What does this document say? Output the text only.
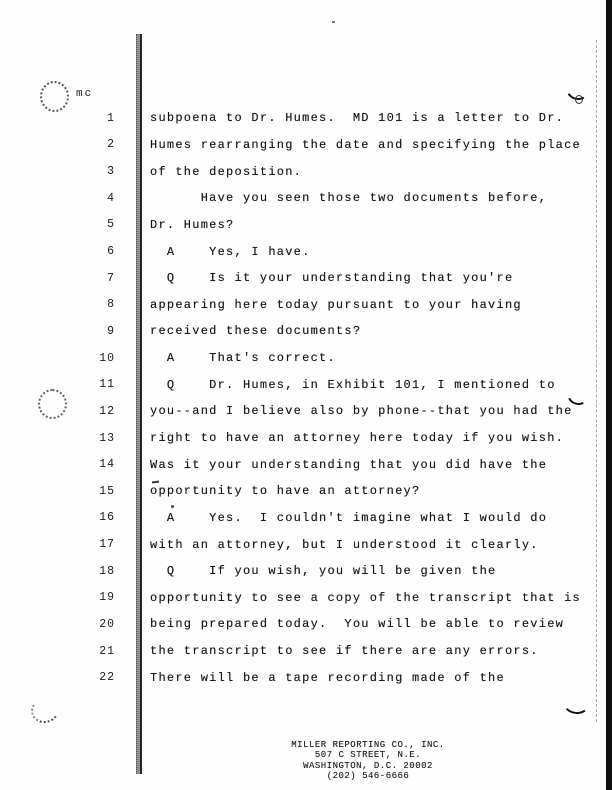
mc
1	subpoena to Dr. Humes.  MD 101 is a letter to Dr.
2	Humes rearranging the date and specifying the place
3	of the deposition.
4	Have you seen those two documents before,
5	Dr. Humes?
6	A    Yes, I have.
7	Q    Is it your understanding that you're
8	appearing here today pursuant to your having
9	received these documents?
10	A    That's correct.
11	Q    Dr. Humes, in Exhibit 101, I mentioned to
12	you--and I believe also by phone--that you had the
13	right to have an attorney here today if you wish.
14	Was it your understanding that you did have the
15	opportunity to have an attorney?
16	A    Yes.  I couldn't imagine what I would do
17	with an attorney, but I understood it clearly.
18	Q    If you wish, you will be given the
19	opportunity to see a copy of the transcript that is
20	being prepared today.  You will be able to review
21	the transcript to see if there are any errors.
22	There will be a tape recording made of the
MILLER REPORTING CO., INC.
507 C STREET, N.E.
WASHINGTON, D.C. 20002
(202) 546-6666
